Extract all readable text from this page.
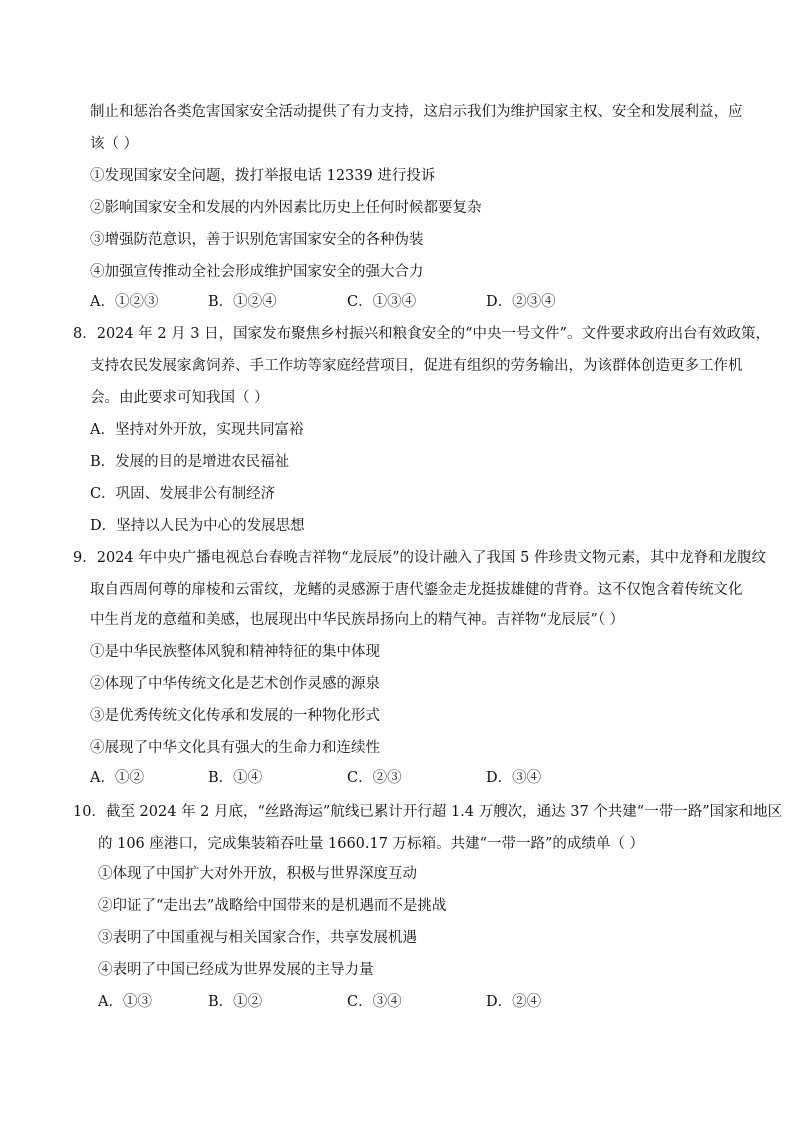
制止和惩治各类危害国家安全活动提供了有力支持，这启示我们为维护国家主权、安全和发展利益，应
该（ ）
①发现国家安全问题，拨打举报电话 12339 进行投诉
②影响国家安全和发展的内外因素比历史上任何时候都要复杂
③增强防范意识，善于识别危害国家安全的各种伪装
④加强宣传推动全社会形成维护国家安全的强大合力
A．①②③	B．①②④	C．①③④	D．②③④
8．2024 年 2 月 3 日，国家发布聚焦乡村振兴和粮食安全的“中央一号文件”。文件要求政府出台有效政策，
支持农民发展家禽饲养、手工作坊等家庭经营项目，促进有组织的劳务输出，为该群体创造更多工作机
会。由此要求可知我国（ ）
A．坚持对外开放，实现共同富裕
B．发展的目的是增进农民福祉
C．巩固、发展非公有制经济
D．坚持以人民为中心的发展思想
9．2024 年中央广播电视总台春晚吉祥物“龙辰辰”的设计融入了我国 5 件珍贵文物元素，其中龙脊和龙腹纹
取自西周何尊的扉棱和云雷纹，龙鳍的灵感源于唐代鎏金走龙挺拔雄健的背脊。这不仅饱含着传统文化
中生肖龙的意蕴和美感，也展现出中华民族昂扬向上的精气神。吉祥物“龙辰辰”（ ）
①是中华民族整体风貌和精神特征的集中体现
②体现了中华传统文化是艺术创作灵感的源泉
③是优秀传统文化传承和发展的一种物化形式
④展现了中华文化具有强大的生命力和连续性
A．①②	B．①④	C．②③	D．③④
10．截至 2024 年 2 月底，“丝路海运”航线已累计开行超 1.4 万艘次，通达 37 个共建“一带一路”国家和地区
的 106 座港口，完成集装箱吞吐量 1660.17 万标箱。共建“一带一路”的成绩单（ ）
①体现了中国扩大对外开放，积极与世界深度互动
②印证了“走出去”战略给中国带来的是机遇而不是挑战
③表明了中国重视与相关国家合作，共享发展机遇
④表明了中国已经成为世界发展的主导力量
A．①③	B．①②	C．③④	D．②④
